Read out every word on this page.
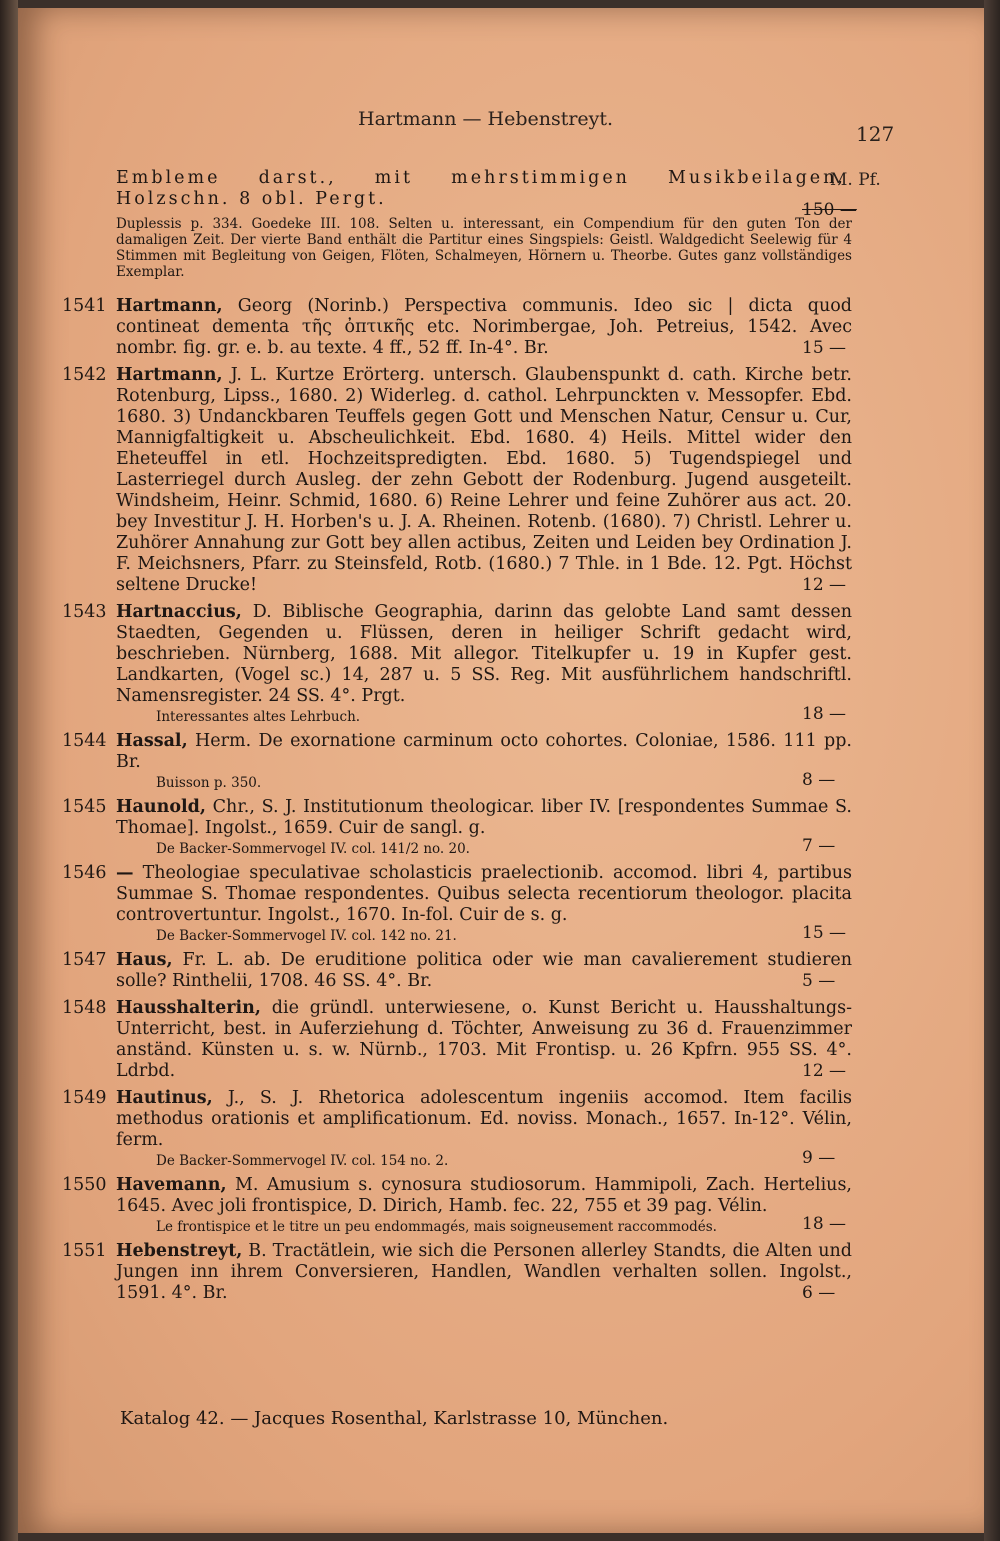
Hartmann — Hebenstreyt.
127
M. Pf.
Embleme darst., mit mehrstimmigen Musikbeilagen, Holzschn. 8 obl. Pergt.
Duplessis p. 334. Goedeke III. 108. Selten u. interessant, ein Compendium für den guten Ton der damaligen Zeit. Der vierte Band enthält die Partitur eines Singspiels: Geistl. Waldgedicht Seelewig für 4 Stimmen mit Begleitung von Geigen, Flöten, Schalmeyen, Hörnern u. Theorbe. Gutes ganz vollständiges Exemplar.
150 —
1541 Hartmann, Georg (Norinb.) Perspectiva communis. Ideo sic | dicta quod contineat dementa τῆς ὀπτικῆς etc. Norimbergae, Joh. Petreius, 1542. Avec nombr. fig. gr. e. b. au texte. 4 ff., 52 ff. In-4°. Br.	15 —
1542 Hartmann, J. L. Kurtze Erörterg. untersch. Glaubenspunkt d. cath. Kirche betr. Rotenburg, Lipss., 1680. 2) Widerleg. d. cathol. Lehrpunckten v. Messopfer. Ebd. 1680. 3) Undanckbaren Teuffels gegen Gott und Menschen Natur, Censur u. Cur, Mannigfaltigkeit u. Abscheulichkeit. Ebd. 1680. 4) Heils. Mittel wider den Eheteuffel in etl. Hochzeitspredigten. Ebd. 1680. 5) Tugendspiegel und Lasterriegel durch Ausleg. der zehn Gebott der Rodenburg. Jugend ausgeteilt. Windsheim, Heinr. Schmid, 1680. 6) Reine Lehrer und feine Zuhörer aus act. 20. bey Investitur J. H. Horben's u. J. A. Rheinen. Rotenb. (1680). 7) Christl. Lehrer u. Zuhörer Annahung zur Gott bey allen actibus, Zeiten und Leiden bey Ordination J. F. Meichsners, Pfarr. zu Steinsfeld, Rotb. (1680.) 7 Thle. in 1 Bde. 12. Pgt. Höchst seltene Drucke!	12 —
1543 Hartnaccius, D. Biblische Geographia, darinn das gelobte Land samt dessen Staedten, Gegenden u. Flüssen, deren in heiliger Schrift gedacht wird, beschrieben. Nürnberg, 1688. Mit allegor. Titelkupfer u. 19 in Kupfer gest. Landkarten, (Vogel sc.) 14, 287 u. 5 SS. Reg. Mit ausführlichem handschriftl. Namensregister. 24 SS. 4°. Prgt.
Interessantes altes Lehrbuch.	18 —
1544 Hassal, Herm. De exornatione carminum octo cohortes. Coloniae, 1586. 111 pp. Br.
Buisson p. 350.	8 —
1545 Haunold, Chr., S. J. Institutionum theologicar. liber IV. [respondentes Summae S. Thomae]. Ingolst., 1659. Cuir de sangl. g.
De Backer-Sommervogel IV. col. 141/2 no. 20.	7 —
1546 — Theologiae speculativae scholasticis praelectionib. accomod. libri 4, partibus Summae S. Thomae respondentes. Quibus selecta recentiorum theologor. placita controvertuntur. Ingolst., 1670. In-fol. Cuir de s. g.
De Backer-Sommervogel IV. col. 142 no. 21.	15 —
1547 Haus, Fr. L. ab. De eruditione politica oder wie man cavalierement studieren solle? Rinthelii, 1708. 46 SS. 4°. Br.	5 —
1548 Hausshalterin, die gründl. unterwiesene, o. Kunst Bericht u. Hausshaltungs-Unterricht, best. in Auferziehung d. Töchter, Anweisung zu 36 d. Frauenzimmer anständ. Künsten u. s. w. Nürnb., 1703. Mit Frontisp. u. 26 Kpfrn. 955 SS. 4°. Ldrbd.	12 —
1549 Hautinus, J., S. J. Rhetorica adolescentum ingeniis accomod. Item facilis methodus orationis et amplificationum. Ed. noviss. Monach., 1657. In-12°. Vélin, ferm.
De Backer-Sommervogel IV. col. 154 no. 2.	9 —
1550 Havemann, M. Amusium s. cynosura studiosorum. Hammipoli, Zach. Hertelius, 1645. Avec joli frontispice, D. Dirich, Hamb. fec. 22, 755 et 39 pag. Vélin.
Le frontispice et le titre un peu endommagés, mais soigneusement raccommodés.	18 —
1551 Hebenstreyt, B. Tractätlein, wie sich die Personen allerley Standts, die Alten und Jungen inn ihrem Conversieren, Handlen, Wandlen verhalten sollen. Ingolst., 1591. 4°. Br.	6 —
Katalog 42. — Jacques Rosenthal, Karlstrasse 10, München.
